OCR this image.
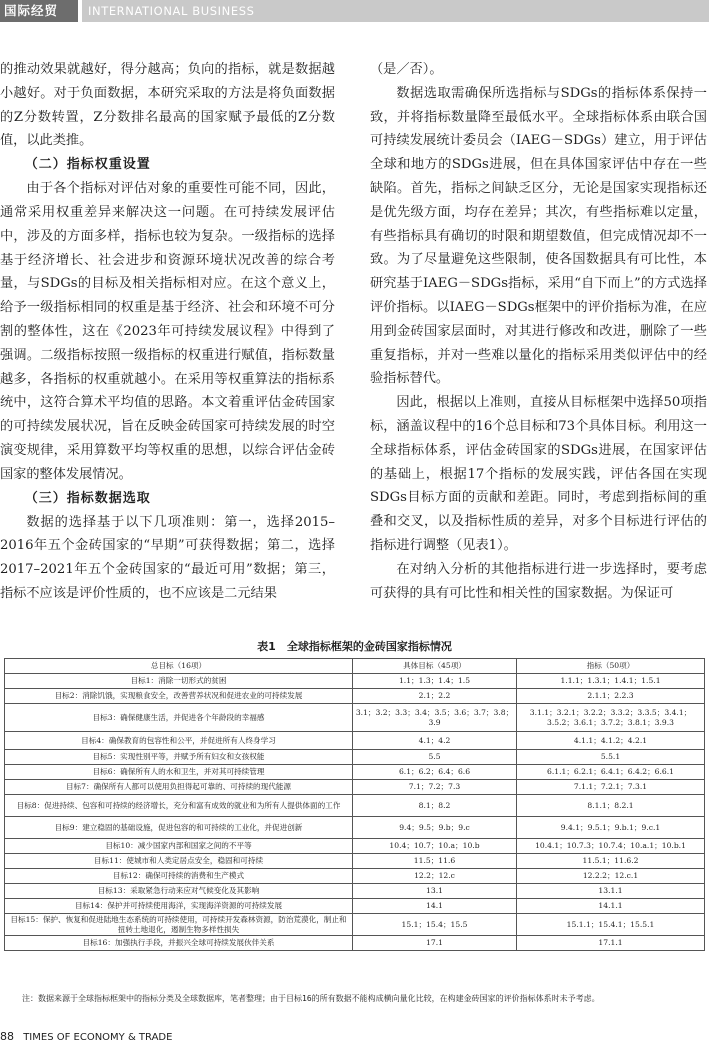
国际经贸	INTERNATIONAL BUSINESS

的推动效果就越好，得分越高；负向的指标，就是数据越小越好。对于负面数据，本研究采取的方法是将负面数据的Z分数转置，Z分数排名最高的国家赋予最低的Z分数值，以此类推。

（二）指标权重设置

由于各个指标对评估对象的重要性可能不同，因此，通常采用权重差异来解决这一问题。在可持续发展评估中，涉及的方面多样，指标也较为复杂。一级指标的选择基于经济增长、社会进步和资源环境状况改善的综合考量，与SDGs的目标及相关指标相对应。在这个意义上，给予一级指标相同的权重是基于经济、社会和环境不可分割的整体性，这在《2023年可持续发展议程》中得到了强调。二级指标按照一级指标的权重进行赋值，指标数量越多，各指标的权重就越小。在采用等权重算法的指标系统中，这符合算术平均值的思路。本文着重评估金砖国家的可持续发展状况，旨在反映金砖国家可持续发展的时空演变规律，采用算数平均等权重的思想，以综合评估金砖国家的整体发展情况。

（三）指标数据选取

数据的选择基于以下几项准则：第一，选择2015–2016年五个金砖国家的“早期”可获得数据；第二，选择2017–2021年五个金砖国家的“最近可用”数据；第三，指标不应该是评价性质的，也不应该是二元结果

（是／否）。

数据选取需确保所选指标与SDGs的指标体系保持一致，并将指标数量降至最低水平。全球指标体系由联合国可持续发展统计委员会（IAEG－SDGs）建立，用于评估全球和地方的SDGs进展，但在具体国家评估中存在一些缺陷。首先，指标之间缺乏区分，无论是国家实现指标还是优先级方面，均存在差异；其次，有些指标难以定量，有些指标具有确切的时限和期望数值，但完成情况却不一致。为了尽量避免这些限制，使各国数据具有可比性，本研究基于IAEG－SDGs指标，采用“自下而上”的方式选择评价指标。以IAEG－SDGs框架中的评价指标为准，在应用到金砖国家层面时，对其进行修改和改进，删除了一些重复指标，并对一些难以量化的指标采用类似评估中的经验指标替代。

因此，根据以上准则，直接从目标框架中选择50项指标，涵盖议程中的16个总目标和73个具体目标。利用这一全球指标体系，评估金砖国家的SDGs进展，在国家评估的基础上，根据17个指标的发展实践，评估各国在实现SDGs目标方面的贡献和差距。同时，考虑到指标间的重叠和交叉，以及指标性质的差异，对多个目标进行评估的指标进行调整（见表1）。

在对纳入分析的其他指标进行进一步选择时，要考虑可获得的具有可比性和相关性的国家数据。为保证可

表1　全球指标框架的金砖国家指标情况
总目标（16项）	具体目标（45项）	指标（50项）
目标1：消除一切形式的贫困	1.1；1.3；1.4；1.5	1.1.1；1.3.1；1.4.1；1.5.1
目标2：消除饥饿，实现粮食安全，改善营养状况和促进农业的可持续发展	2.1；2.2	2.1.1；2.2.3
目标3：确保健康生活，并促进各个年龄段的幸福感	3.1；3.2；3.3；3.4；3.5；3.6；3.7；3.8；3.9	3.1.1；3.2.1；3.2.2；3.3.2；3.3.5；3.4.1；3.5.2；3.6.1；3.7.2；3.8.1；3.9.3
目标4：确保教育的包容性和公平，并促进所有人终身学习	4.1；4.2	4.1.1；4.1.2；4.2.1
目标5：实现性别平等，并赋予所有妇女和女孩权能	5.5	5.5.1
目标6：确保所有人的水和卫生，并对其可持续管理	6.1；6.2；6.4；6.6	6.1.1；6.2.1；6.4.1；6.4.2；6.6.1
目标7：确保所有人都可以使用负担得起可靠的、可持续的现代能源	7.1；7.2；7.3	7.1.1；7.2.1；7.3.1
目标8：促进持续、包容和可持续的经济增长，充分和富有成效的就业和为所有人提供体面的工作	8.1；8.2	8.1.1；8.2.1
目标9：建立稳固的基础设施，促进包容的和可持续的工业化，并促进创新	9.4；9.5；9.b；9.c	9.4.1；9.5.1；9.b.1；9.c.1
目标10：减少国家内部和国家之间的不平等	10.4；10.7；10.a；10.b	10.4.1；10.7.3；10.7.4；10.a.1；10.b.1
目标11：使城市和人类定居点安全，稳固和可持续	11.5；11.6	11.5.1；11.6.2
目标12：确保可持续的消费和生产模式	12.2；12.c	12.2.2；12.c.1
目标13：采取紧急行动来应对气候变化及其影响	13.1	13.1.1
目标14：保护并可持续使用海洋，实现海洋资源的可持续发展	14.1	14.1.1
目标15：保护、恢复和促进陆地生态系统的可持续使用，可持续开发森林资源，防治荒漠化，制止和扭转土地退化，遏制生物多样性损失	15.1；15.4；15.5	15.1.1；15.4.1；15.5.1
目标16：加强执行手段，并振兴全球可持续发展伙伴关系	17.1	17.1.1
注：数据来源于全球指标框架中的指标分类及全球数据库，笔者整理；由于目标16的所有数据不能构成横向量化比较，在构建金砖国家的评价指标体系时未予考虑。
88 TIMES OF ECONOMY & TRADE
